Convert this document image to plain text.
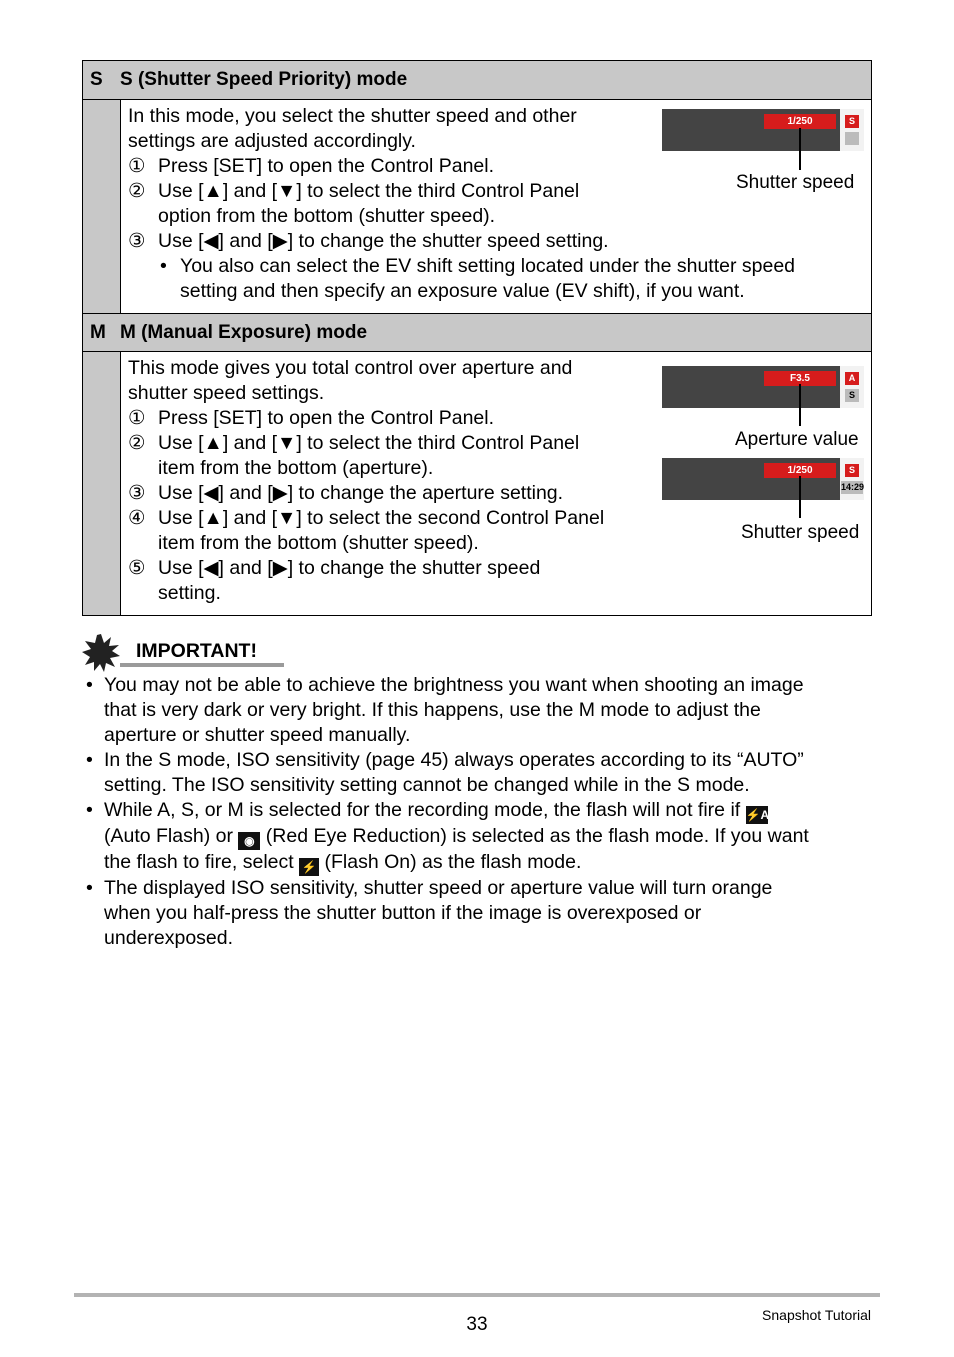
S S (Shutter Speed Priority) mode
In this mode, you select the shutter speed and other
settings are adjusted accordingly.
① Press [SET] to open the Control Panel.
② Use [▲] and [▼] to select the third Control Panel
option from the bottom (shutter speed).
③ Use [◀] and [▶] to change the shutter speed setting.
• You also can select the EV shift setting located under the shutter speed
setting and then specify an exposure value (EV shift), if you want.
1/250	S
Shutter speed
M M (Manual Exposure) mode
This mode gives you total control over aperture and
shutter speed settings.
① Press [SET] to open the Control Panel.
② Use [▲] and [▼] to select the third Control Panel
item from the bottom (aperture).
③ Use [◀] and [▶] to change the aperture setting.
④ Use [▲] and [▼] to select the second Control Panel
item from the bottom (shutter speed).
⑤ Use [◀] and [▶] to change the shutter speed
setting.
F3.5	A
S
Aperture value
1/250	S
14:29
Shutter speed
IMPORTANT!
• You may not be able to achieve the brightness you want when shooting an image
that is very dark or very bright. If this happens, use the M mode to adjust the
aperture or shutter speed manually.
• In the S mode, ISO sensitivity (page 45) always operates according to its “AUTO”
setting. The ISO sensitivity setting cannot be changed while in the S mode.
• While A, S, or M is selected for the recording mode, the flash will not fire if ⚡A
(Auto Flash) or ◉ (Red Eye Reduction) is selected as the flash mode. If you want
the flash to fire, select ⚡ (Flash On) as the flash mode.
• The displayed ISO sensitivity, shutter speed or aperture value will turn orange
when you half-press the shutter button if the image is overexposed or
underexposed.
33	Snapshot Tutorial
